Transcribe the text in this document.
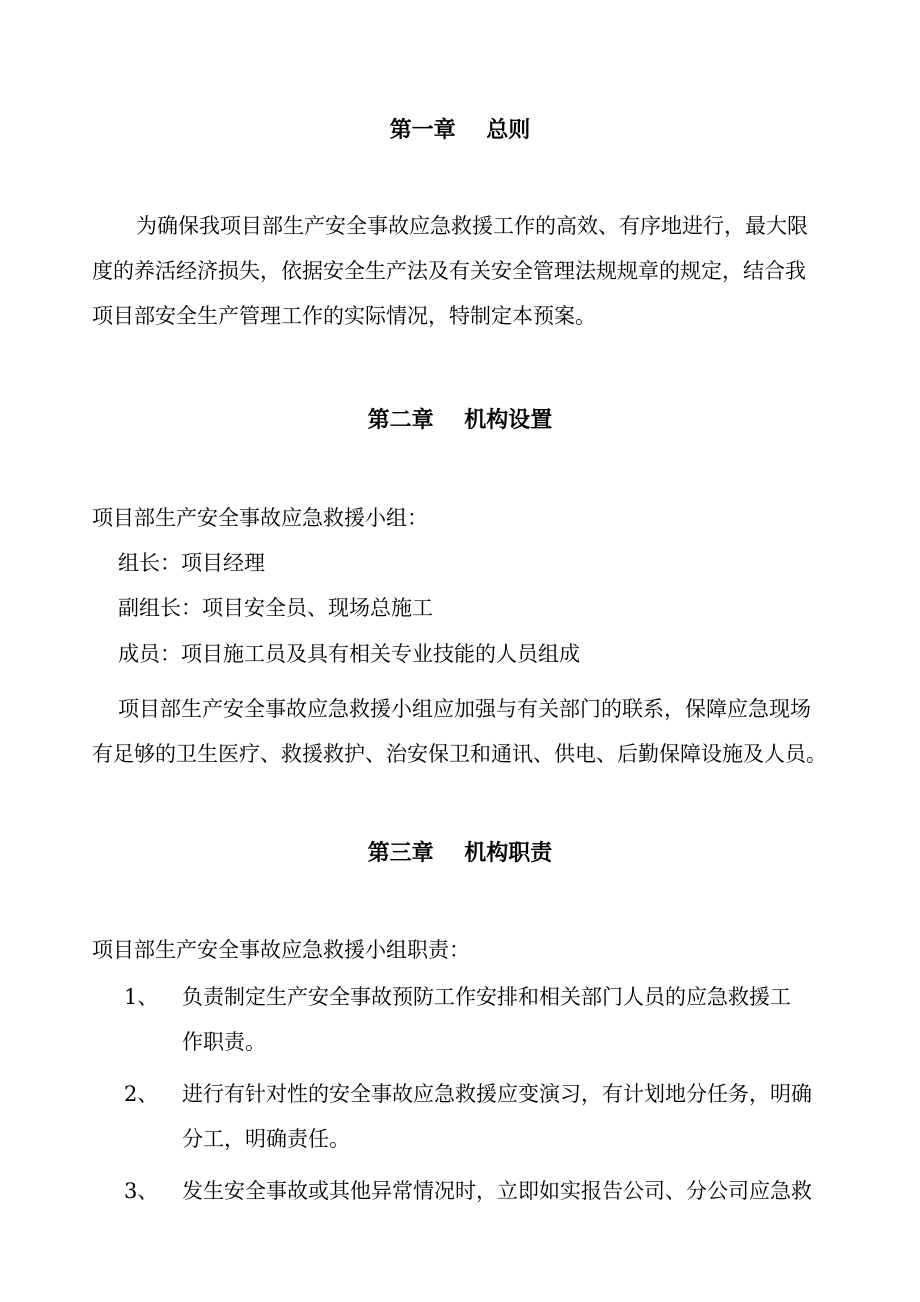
第一章    总则
为确保我项目部生产安全事故应急救援工作的高效、有序地进行，最大限
度的养活经济损失，依据安全生产法及有关安全管理法规规章的规定，结合我
项目部安全生产管理工作的实际情况，特制定本预案。
第二章    机构设置
项目部生产安全事故应急救援小组：
组长：项目经理
副组长：项目安全员、现场总施工
成员：项目施工员及具有相关专业技能的人员组成
项目部生产安全事故应急救援小组应加强与有关部门的联系，保障应急现场
有足够的卫生医疗、救援救护、治安保卫和通讯、供电、后勤保障设施及人员。
第三章    机构职责
项目部生产安全事故应急救援小组职责：
1、 负责制定生产安全事故预防工作安排和相关部门人员的应急救援工
作职责。
2、 进行有针对性的安全事故应急救援应变演习，有计划地分任务，明确
分工，明确责任。
3、 发生安全事故或其他异常情况时，立即如实报告公司、分公司应急救
